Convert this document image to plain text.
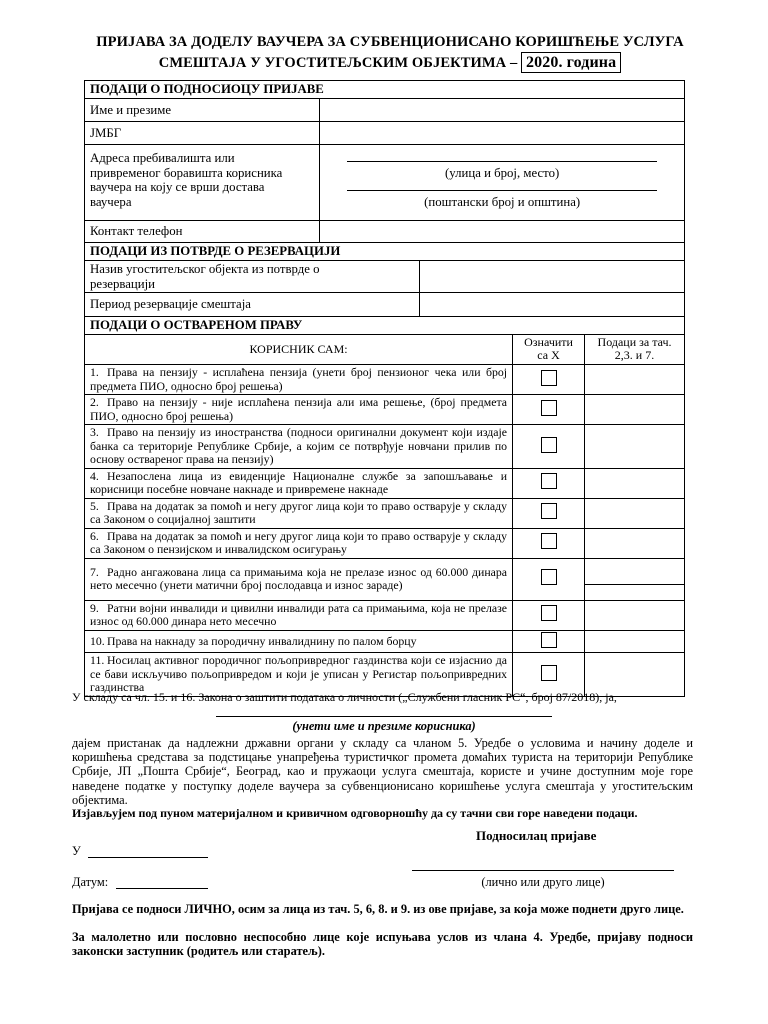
ПРИЈАВА ЗА ДОДЕЛУ ВАУЧЕРА ЗА СУБВЕНЦИОНИСАНО КОРИШЋЕЊЕ УСЛУГА
СМЕШТАЈА У УГОСТИТЕЉСКИМ ОБЈЕКТИМА – 2020. година
ПОДАЦИ О ПОДНОСИОЦУ ПРИЈАВЕ				
Име и презиме				
ЈМБГ				
Адреса пребивалишта или привременог боравишта корисника ваучера на коју се врши достава ваучера	(улица и број, место)
(поштански број и општина)			

Контакт телефон				
ПОДАЦИ ИЗ ПОТВРДЕ О РЕЗЕРВАЦИЈИ				
Назив угоститељског објекта из потврде о резервацији				
Период резервације смештаја				
ПОДАЦИ О ОСТВАРЕНОМ ПРАВУ				
КОРИСНИК САМ:			Означити са Х	Подаци за тач. 2,3. и 7.
1. Права на пензију - исплаћена пензија (унети број пензионог чека или број предмета ПИО, односно број решења)				
2. Право на пензију - није исплаћена пензија али има решење, (број предмета ПИО, односно број решења)				
3. Право на пензију из иностранства (подноси оригинални документ који издаје банка са територије Републике Србије, а којим се потврђује новчани прилив по основу оствареног права на пензију)				
4. Незапослена лица из евиденције Националне службе за запошљавање и корисници посебне новчане накнаде и привремене накнаде				
5. Права на додатак за помоћ и негу другог лица који то право остварује у складу са Законом о социјалној заштити				
6. Права на додатак за помоћ и негу другог лица који то право остварује у складу са Законом о пензијском и инвалидском осигурању				
7. Радно ангажована лица са примањима која не прелазе износ од 60.000 динара нето месечно (унети матични број послодавца и износ зараде)				

9. Ратни војни инвалиди и цивилни инвалиди рата са примањима, која не прелазе износ од 60.000 динара нето месечно				
10. Права на накнаду за породичну инвалиднину по палом борцу				
11. Носилац активног породичног пољопривредног газдинства који се изјаснио да се бави искључиво пољопривредом и који је уписан у Регистар пољопривредних газдинства				
У складу са чл. 15. и 16. Закона о заштити података о личности („Службени гласник РС“, број 87/2018), ја,
(унети име и презиме корисника)
дајем пристанак да надлежни државни органи у складу са чланом 5. Уредбе о условима и начину доделе и коришћења средстава за подстицање унапређења туристичког промета домаћих туриста на територији Републике Србије, ЈП „Пошта Србије“, Београд, као и пружаоци услуга смештаја, користе и учине доступним моје горе наведене податке у поступку доделе ваучера за субвенционисано коришћење услуга смештаја у угоститељским објектима.
Изјављујем под пуном материјалном и кривичном одговорношћу да су тачни сви горе наведени подаци.
Подносилац пријаве
У
Датум:	(лично или друго лице)
Пријава се подноси ЛИЧНО, осим за лица из тач. 5, 6, 8. и 9. из ове пријаве, за која може поднети друго лице.
За малолетно или пословно неспособно лице које испуњава услов из члана 4. Уредбе, пријаву подноси законски заступник (родитељ или старатељ).
